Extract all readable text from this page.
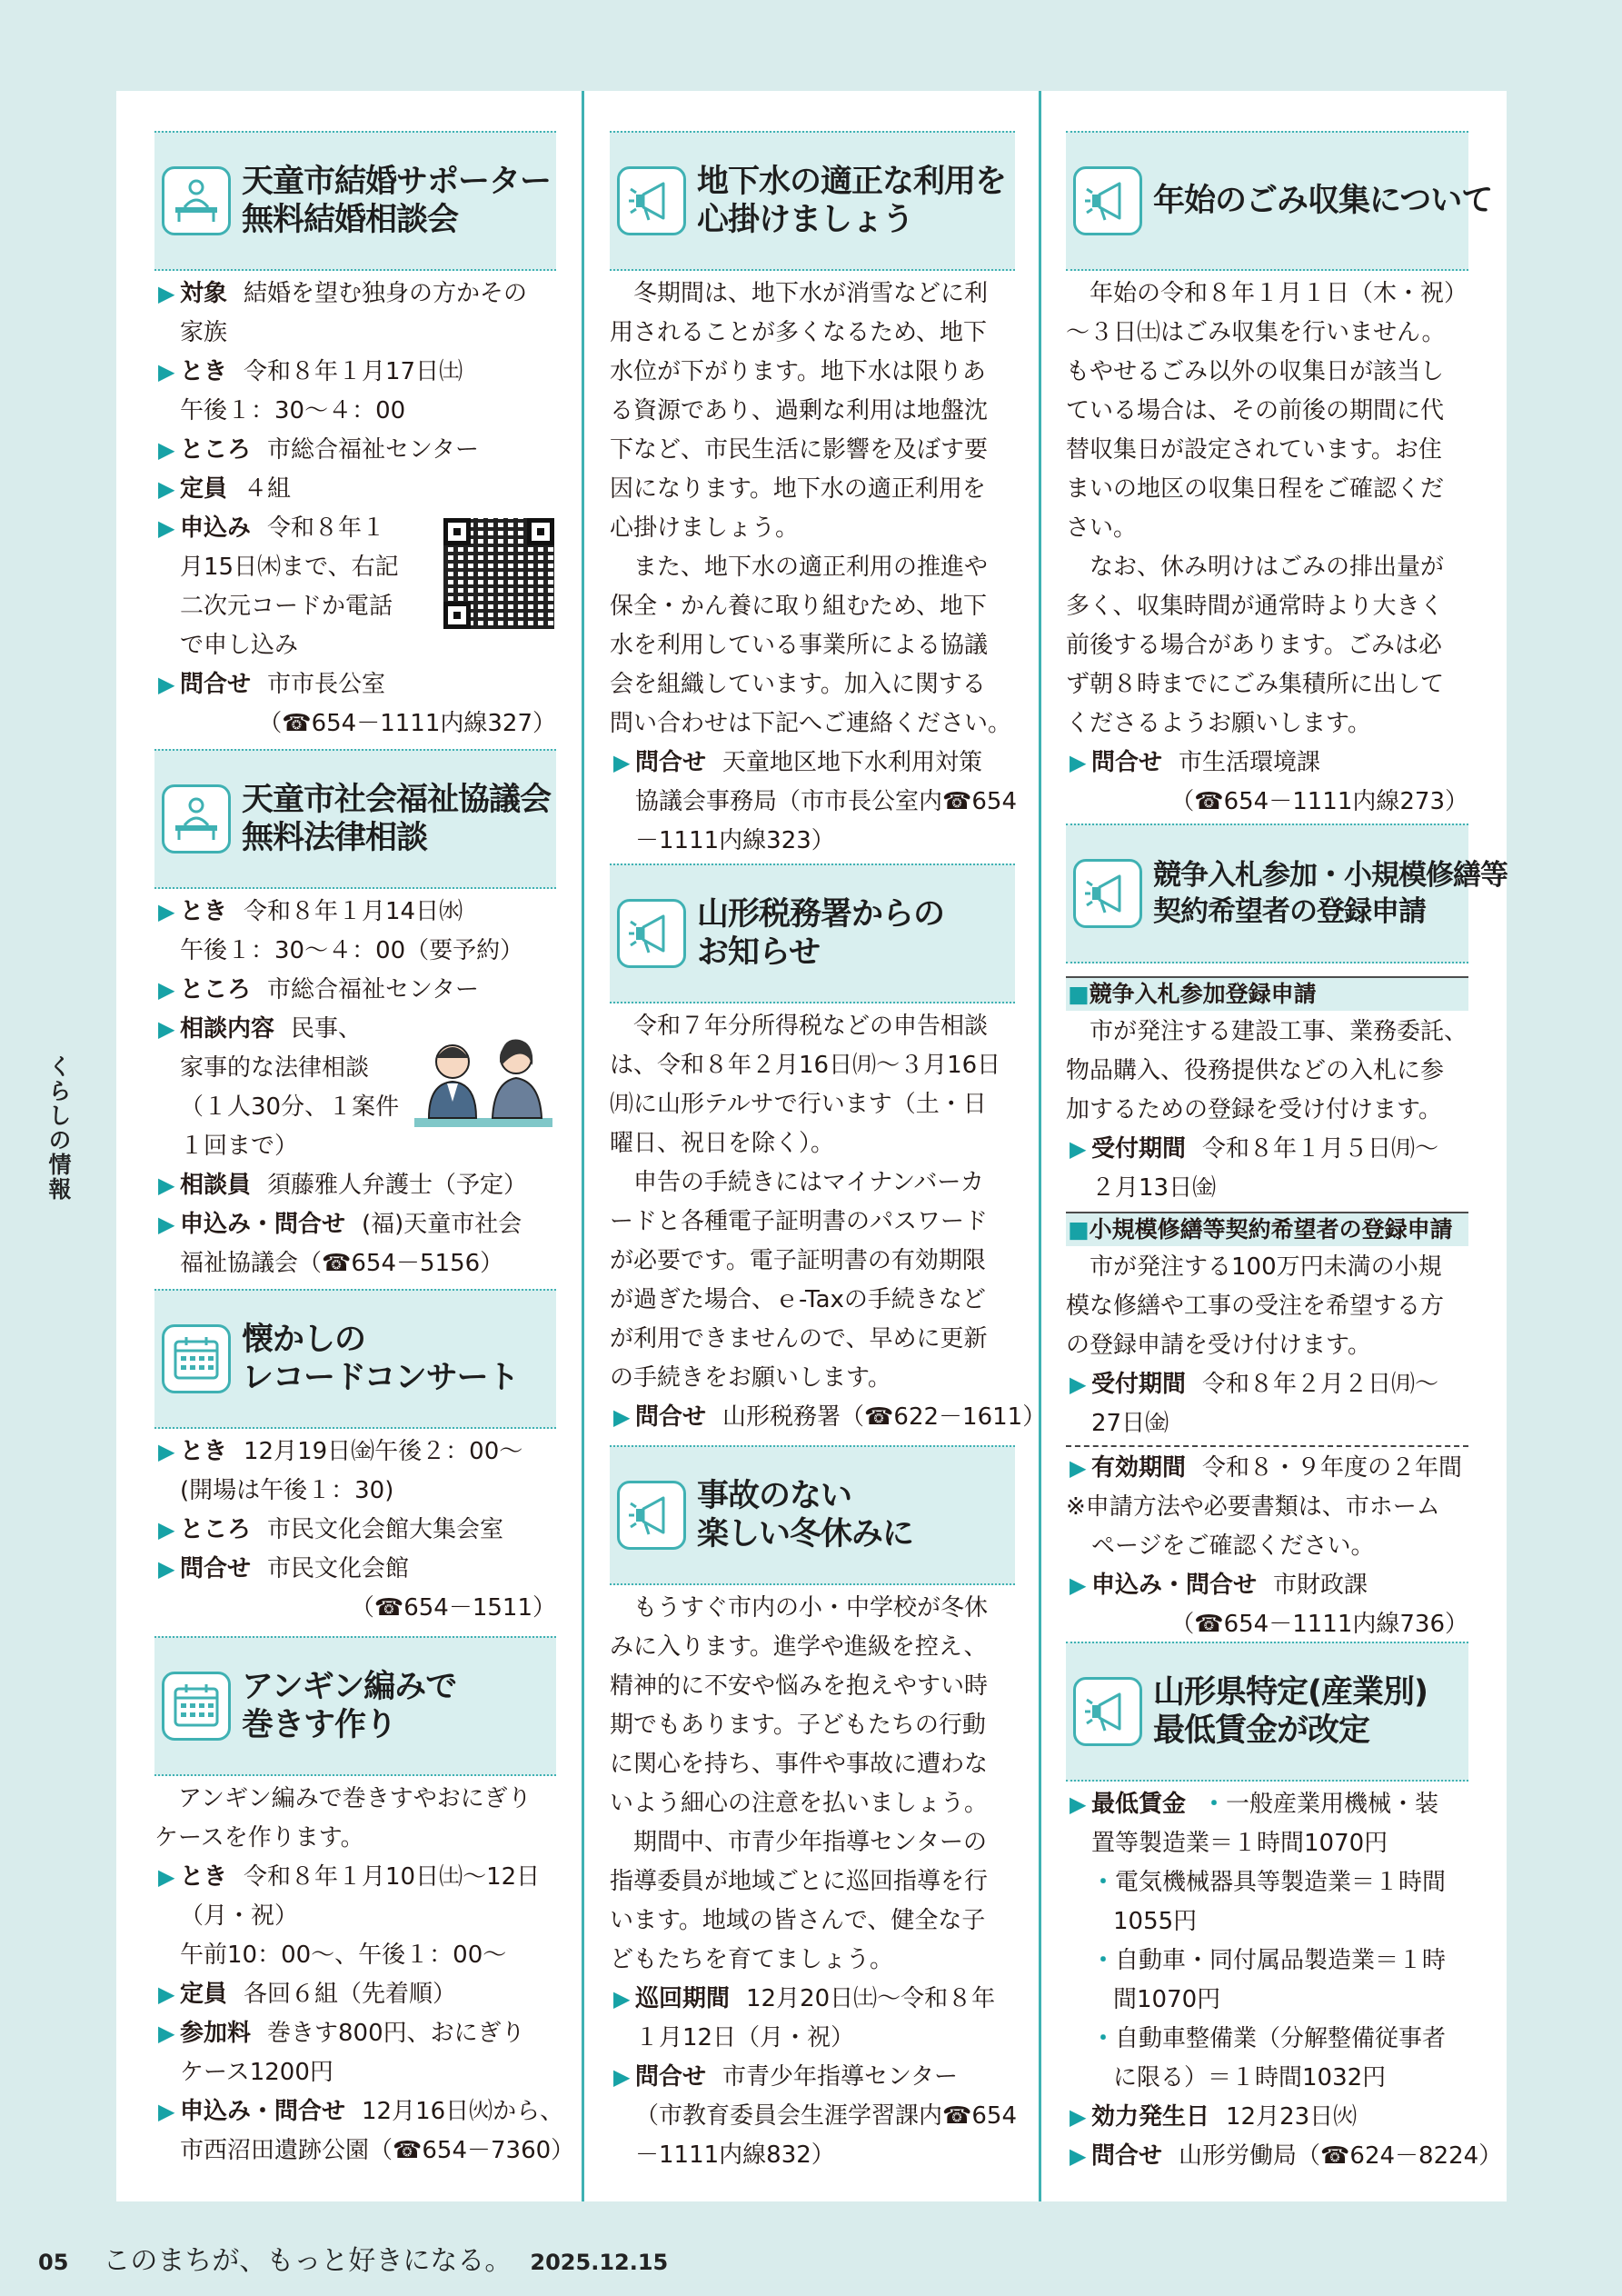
天童市結婚サポーター
無料結婚相談会
▶ 対象 結婚を望む独身の方かその
家族
▶ とき 令和８年１月17日㈯
午後１：30～４：00
▶ ところ 市総合福祉センター
▶ 定員 ４組
▶ 申込み 令和８年１
月15日㈭まで、右記
二次元コードか電話
で申し込み
▶ 問合せ 市市長公室
（☎654－1111内線327）
天童市社会福祉協議会
無料法律相談
▶ とき 令和８年１月14日㈬
午後１：30～４：00（要予約）
▶ ところ 市総合福祉センター
▶ 相談内容 民事、
家事的な法律相談
（１人30分、１案件
１回まで）
▶ 相談員 須藤雅人弁護士（予定）
▶ 申込み・問合せ (福)天童市社会
福祉協議会（☎654－5156）
懐かしの
レコードコンサート
▶ とき 12月19日㈮午後２：00～
(開場は午後１：30)
▶ ところ 市民文化会館大集会室
▶ 問合せ 市民文化会館
（☎654－1511）
アンギン編みで
巻きす作り
アンギン編みで巻きすやおにぎり
ケースを作ります。
▶ とき 令和８年１月10日㈯～12日
（月・祝）
午前10：00～、午後１：00～
▶ 定員 各回６組（先着順）
▶ 参加料 巻きす800円、おにぎり
ケース1200円
▶ 申込み・問合せ 12月16日㈫から、
市西沼田遺跡公園（☎654－7360）
地下水の適正な利用を
心掛けましょう
冬期間は、地下水が消雪などに利
用されることが多くなるため、地下
水位が下がります。地下水は限りあ
る資源であり、過剰な利用は地盤沈
下など、市民生活に影響を及ぼす要
因になります。地下水の適正利用を
心掛けましょう。
また、地下水の適正利用の推進や
保全・かん養に取り組むため、地下
水を利用している事業所による協議
会を組織しています。加入に関する
問い合わせは下記へご連絡ください。
▶ 問合せ 天童地区地下水利用対策
協議会事務局（市市長公室内☎654
－1111内線323）
山形税務署からの
お知らせ
令和７年分所得税などの申告相談
は、令和８年２月16日㈪～３月16日
㈪に山形テルサで行います（土・日
曜日、祝日を除く）。
申告の手続きにはマイナンバーカ
ードと各種電子証明書のパスワード
が必要です。電子証明書の有効期限
が過ぎた場合、ｅ-Taxの手続きなど
が利用できませんので、早めに更新
の手続きをお願いします。
▶ 問合せ 山形税務署（☎622－1611）
事故のない
楽しい冬休みに
もうすぐ市内の小・中学校が冬休
みに入ります。進学や進級を控え、
精神的に不安や悩みを抱えやすい時
期でもあります。子どもたちの行動
に関心を持ち、事件や事故に遭わな
いよう細心の注意を払いましょう。
期間中、市青少年指導センターの
指導委員が地域ごとに巡回指導を行
います。地域の皆さんで、健全な子
どもたちを育てましょう。
▶ 巡回期間 12月20日㈯～令和８年
１月12日（月・祝）
▶ 問合せ 市青少年指導センター
（市教育委員会生涯学習課内☎654
－1111内線832）
年始のごみ収集について
年始の令和８年１月１日（木・祝）
～３日㈯はごみ収集を行いません。
もやせるごみ以外の収集日が該当し
ている場合は、その前後の期間に代
替収集日が設定されています。お住
まいの地区の収集日程をご確認くだ
さい。
なお、休み明けはごみの排出量が
多く、収集時間が通常時より大きく
前後する場合があります。ごみは必
ず朝８時までにごみ集積所に出して
くださるようお願いします。
▶ 問合せ 市生活環境課
（☎654－1111内線273）
競争入札参加・小規模修繕等
契約希望者の登録申請
■競争入札参加登録申請
市が発注する建設工事、業務委託、
物品購入、役務提供などの入札に参
加するための登録を受け付けます。
▶ 受付期間 令和８年１月５日㈪～
２月13日㈮
■小規模修繕等契約希望者の登録申請
市が発注する100万円未満の小規
模な修繕や工事の受注を希望する方
の登録申請を受け付けます。
▶ 受付期間 令和８年２月２日㈪～
27日㈮
▶ 有効期間 令和８・９年度の２年間
※申請方法や必要書類は、市ホーム
ページをご確認ください。
▶ 申込み・問合せ 市財政課
（☎654－1111内線736）
山形県特定(産業別)
最低賃金が改定
▶ 最低賃金 ・一般産業用機械・装
置等製造業＝１時間1070円
・電気機械器具等製造業＝１時間
1055円
・自動車・同付属品製造業＝１時
間1070円
・自動車整備業（分解整備従事者
に限る）＝１時間1032円
▶ 効力発生日 12月23日㈫
▶ 問合せ 山形労働局（☎624－8224）
くらしの情報
05 このまちが、もっと好きになる。 2025.12.15
